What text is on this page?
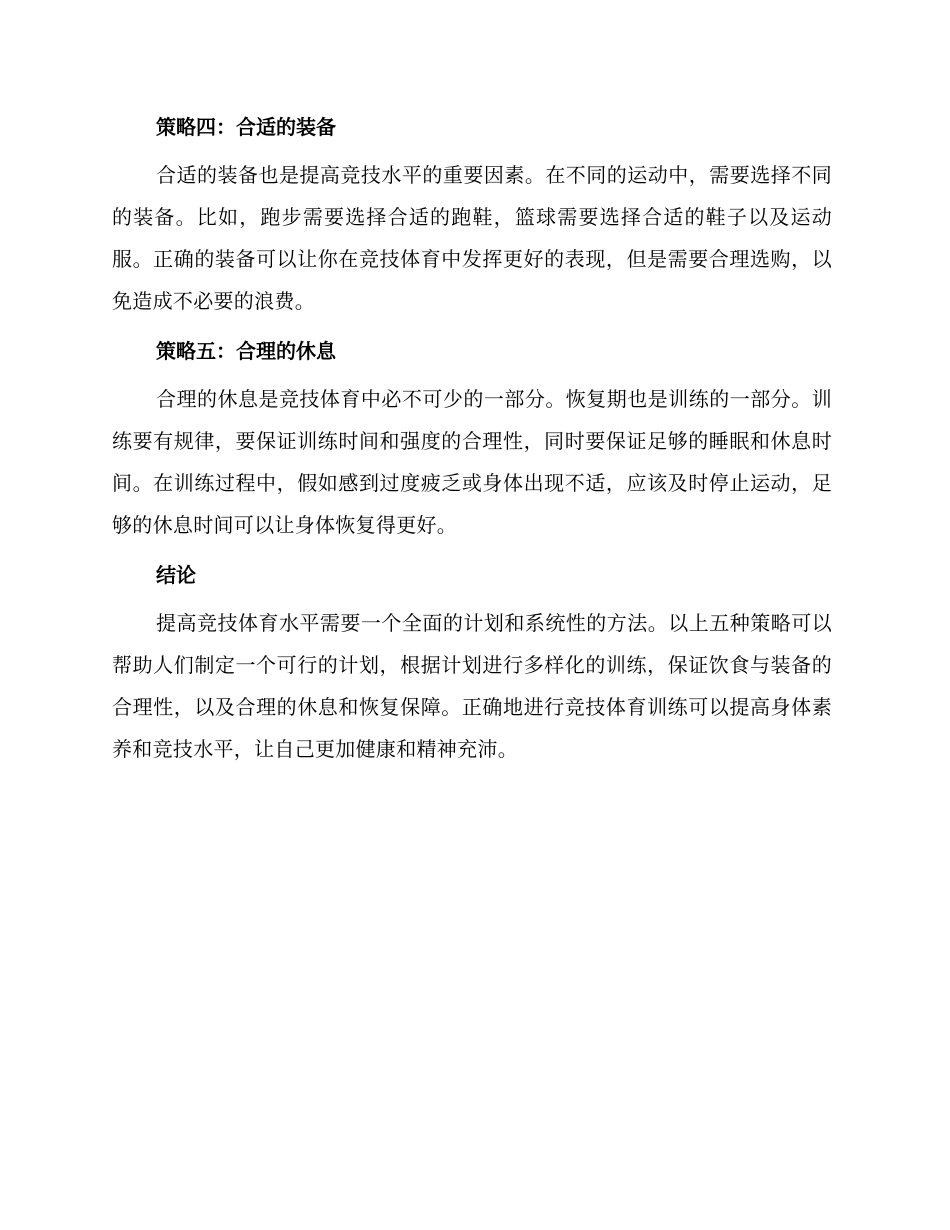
策略四：合适的装备

合适的装备也是提高竞技水平的重要因素。在不同的运动中，需要选择不同的装备。比如，跑步需要选择合适的跑鞋，篮球需要选择合适的鞋子以及运动服。正确的装备可以让你在竞技体育中发挥更好的表现，但是需要合理选购，以免造成不必要的浪费。

策略五：合理的休息

合理的休息是竞技体育中必不可少的一部分。恢复期也是训练的一部分。训练要有规律，要保证训练时间和强度的合理性，同时要保证足够的睡眠和休息时间。在训练过程中，假如感到过度疲乏或身体出现不适，应该及时停止运动，足够的休息时间可以让身体恢复得更好。

结论

提高竞技体育水平需要一个全面的计划和系统性的方法。以上五种策略可以帮助人们制定一个可行的计划，根据计划进行多样化的训练，保证饮食与装备的合理性，以及合理的休息和恢复保障。正确地进行竞技体育训练可以提高身体素养和竞技水平，让自己更加健康和精神充沛。
